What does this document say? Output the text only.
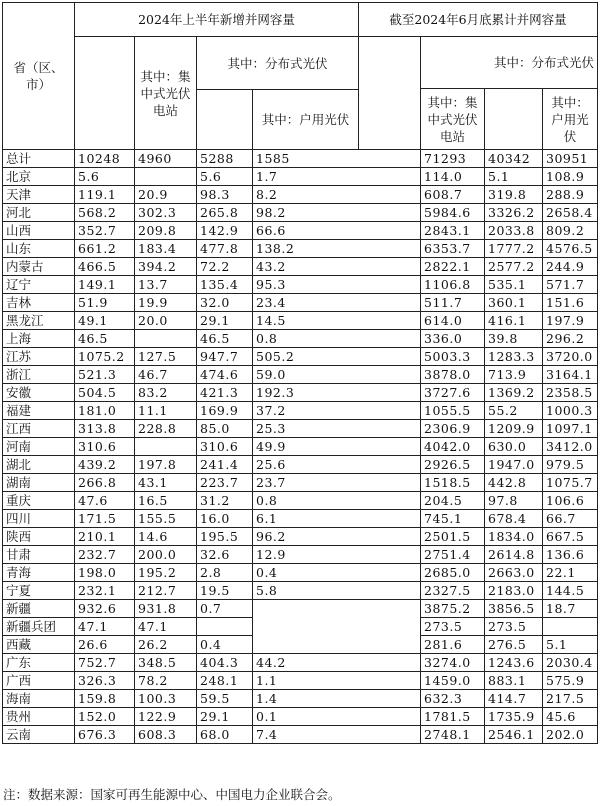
省（区、市）	2024年上半年新增并网容量				截至2024年6月底累计并网容量				
		其中：集中式光伏电站	其中：分布式光伏			其中：分布式光伏			
						其中：集中式光伏电站		其中：户用光伏	
				其中：户用光伏					
总计	10248	4960	5288	1585		71293	40342	30951	
北京	5.6		5.6	1.7		114.0	5.1	108.9	
天津	119.1	20.9	98.3	8.2		608.7	319.8	288.9	
河北	568.2	302.3	265.8	98.2		5984.6	3326.2	2658.4	
山西	352.7	209.8	142.9	66.6		2843.1	2033.8	809.2	
山东	661.2	183.4	477.8	138.2		6353.7	1777.2	4576.5	
内蒙古	466.5	394.2	72.2	43.2		2822.1	2577.2	244.9	
辽宁	149.1	13.7	135.4	95.3		1106.8	535.1	571.7	
吉林	51.9	19.9	32.0	23.4		511.7	360.1	151.6	
黑龙江	49.1	20.0	29.1	14.5		614.0	416.1	197.9	
上海	46.5		46.5	0.8		336.0	39.8	296.2	
江苏	1075.2	127.5	947.7	505.2		5003.3	1283.3	3720.0	
浙江	521.3	46.7	474.6	59.0		3878.0	713.9	3164.1	
安徽	504.5	83.2	421.3	192.3		3727.6	1369.2	2358.5	
福建	181.0	11.1	169.9	37.2		1055.5	55.2	1000.3	
江西	313.8	228.8	85.0	25.3		2306.9	1209.9	1097.1	
河南	310.6		310.6	49.9		4042.0	630.0	3412.0	
湖北	439.2	197.8	241.4	25.6		2926.5	1947.0	979.5	
湖南	266.8	43.1	223.7	23.7		1518.5	442.8	1075.7	
重庆	47.6	16.5	31.2	0.8		204.5	97.8	106.6	
四川	171.5	155.5	16.0	6.1		745.1	678.4	66.7	
陕西	210.1	14.6	195.5	96.2		2501.5	1834.0	667.5	
甘肃	232.7	200.0	32.6	12.9		2751.4	2614.8	136.6	
青海	198.0	195.2	2.8	0.4		2685.0	2663.0	22.1	
宁夏	232.1	212.7	19.5	5.8		2327.5	2183.0	144.5	
新疆	932.6	931.8	0.7			3875.2	3856.5	18.7	
新疆兵团	47.1	47.1				273.5	273.5		
西藏	26.6	26.2	0.4			281.6	276.5	5.1	
广东	752.7	348.5	404.3	44.2		3274.0	1243.6	2030.4	
广西	326.3	78.2	248.1	1.1		1459.0	883.1	575.9	
海南	159.8	100.3	59.5	1.4		632.3	414.7	217.5	
贵州	152.0	122.9	29.1	0.1		1781.5	1735.9	45.6	
云南	676.3	608.3	68.0	7.4		2748.1	2546.1	202.0	
注：数据来源：国家可再生能源中心、中国电力企业联合会。
